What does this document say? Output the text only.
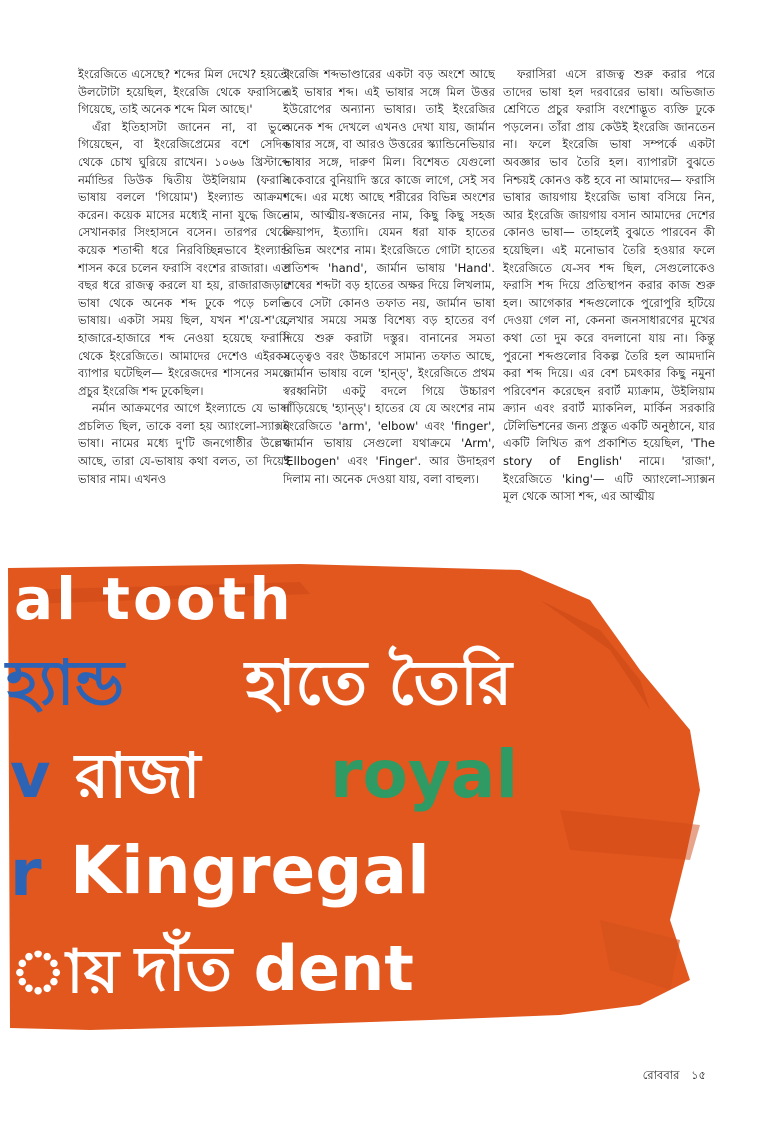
ইংরেজিতে এসেছে? শব্দের মিল দেখে? হয়তো উলটোটা হয়েছিল, ইংরেজি থেকে ফরাসিতে গিয়েছে, তাই অনেক শব্দে মিল আছে।'

এঁরা ইতিহাসটা জানেন না, বা ভুলে গিয়েছেন, বা ইংরেজিপ্রেমের বশে সেদিক থেকে চোখ ঘুরিয়ে রাখেন। ১০৬৬ খ্রিস্টাব্দে নর্মান্ডির ডিউক দ্বিতীয় উইলিয়াম (ফরাসি ভাষায় বললে 'গিয়োম') ইংল্যান্ড আক্রমণ করেন। কয়েক মাসের মধ্যেই নানা যুদ্ধে জিতে সেখানকার সিংহাসনে বসেন। তারপর থেকে কয়েক শতাব্দী ধরে নিরবিচ্ছিন্নভাবে ইংল্যান্ড শাসন করে চলেন ফরাসি বংশের রাজারা। এত বছর ধরে রাজত্ব করলে যা হয়, রাজারাজড়ার ভাষা থেকে অনেক শব্দ ঢুকে পড়ে চলতি ভাষায়। একটা সময় ছিল, যখন শ'য়ে-শ'য়ে, হাজারে-হাজারে শব্দ নেওয়া হয়েছে ফরাসি থেকে ইংরেজিতে। আমাদের দেশেও এইরকম ব্যাপার ঘটেছিল— ইংরেজদের শাসনের সময়ে প্রচুর ইংরেজি শব্দ ঢুকেছিল।

নর্মান আক্রমণের আগে ইংল্যান্ডে যে ভাষা প্রচলিত ছিল, তাকে বলা হয় অ্যাংলো-স্যাক্সন ভাষা। নামের মধ্যে দু'টি জনগোষ্ঠীর উল্লেখ আছে, তারা যে-ভাষায় কথা বলত, তা দিয়েই ভাষার নাম। এখনও

ইংরেজি শব্দভাণ্ডারের একটা বড় অংশে আছে এই ভাষার শব্দ। এই ভাষার সঙ্গে মিল উত্তর ইউরোপের অন্যান্য ভাষার। তাই ইংরেজির অনেক শব্দ দেখলে এখনও দেখা যায়, জার্মান ভাষার সঙ্গে, বা আরও উত্তরের স্ক্যান্ডিনেভিয়ার ভাষার সঙ্গে, দারুণ মিল। বিশেষত যেগুলো একেবারে বুনিয়াদি স্তরে কাজে লাগে, সেই সব শব্দে। এর মধ্যে আছে শরীরের বিভিন্ন অংশের নাম, আত্মীয়-স্বজনের নাম, কিছু কিছু সহজ ক্রিয়াপদ, ইত্যাদি। যেমন ধরা যাক হাতের বিভিন্ন অংশের নাম। ইংরেজিতে গোটা হাতের প্রতিশব্দ 'hand', জার্মান ভাষায় 'Hand'. শেষের শব্দটা বড় হাতের অক্ষর দিয়ে লিখলাম, তবে সেটা কোনও তফাত নয়, জার্মান ভাষা লেখার সময়ে সমস্ত বিশেষ্য বড় হাতের বর্ণ দিয়ে শুরু করাটা দস্তুর। বানানের সমতা সত্ত্বেও বরং উচ্চারণে সামান্য তফাত আছে, জার্মান ভাষায় বলে 'হান্ড্', ইংরেজিতে প্রথম স্বরধ্বনিটা একটু বদলে গিয়ে উচ্চারণ দাঁড়িয়েছে 'হ্যান্ড্'। হাতের যে যে অংশের নাম ইংরেজিতে 'arm', 'elbow' এবং 'finger', জার্মান ভাষায় সেগুলো যথাক্রমে 'Arm', 'Ellbogen' এবং 'Finger'. আর উদাহরণ দিলাম না। অনেক দেওয়া যায়, বলা বাহুল্য।

ফরাসিরা এসে রাজত্ব শুরু করার পরে তাদের ভাষা হল দরবারের ভাষা। অভিজাত শ্রেণিতে প্রচুর ফরাসি বংশোদ্ভূত ব্যক্তি ঢুকে পড়লেন। তাঁরা প্রায় কেউই ইংরেজি জানতেন না। ফলে ইংরেজি ভাষা সম্পর্কে একটা অবজ্ঞার ভাব তৈরি হল। ব্যাপারটা বুঝতে নিশ্চয়ই কোনও কষ্ট হবে না আমাদের— ফরাসি ভাষার জায়গায় ইংরেজি ভাষা বসিয়ে নিন, আর ইংরেজি জায়গায় বসান আমাদের দেশের কোনও ভাষা— তাহলেই বুঝতে পারবেন কী হয়েছিল। এই মনোভাব তৈরি হওয়ার ফলে ইংরেজিতে যে-সব শব্দ ছিল, সেগুলোকেও ফরাসি শব্দ দিয়ে প্রতিস্থাপন করার কাজ শুরু হল। আগেকার শব্দগুলোকে পুরোপুরি হটিয়ে দেওয়া গেল না, কেননা জনসাধারণের মুখের কথা তো দুম করে বদলানো যায় না। কিন্তু পুরনো শব্দগুলোর বিকল্প তৈরি হল আমদানি করা শব্দ দিয়ে। এর বেশ চমৎকার কিছু নমুনা পরিবেশন করেছেন রবার্ট ম্যাক্রাম, উইলিয়াম ক্র্যান এবং রবার্ট ম্যাকনিল, মার্কিন সরকারি টেলিভিশনের জন্য প্রস্তুত একটি অনুষ্ঠানে, যার একটি লিখিত রূপ প্রকাশিত হয়েছিল, 'The story of English' নামে। 'রাজা', ইংরেজিতে 'king'— এটি অ্যাংলো-স্যাক্সন মূল থেকে আসা শব্দ, এর আত্মীয়

al tooth
হ্যান্ড হাতে তৈরি
v রাজা royal
r Kingregal
ায় দাঁত dent
রোববার ১৫
